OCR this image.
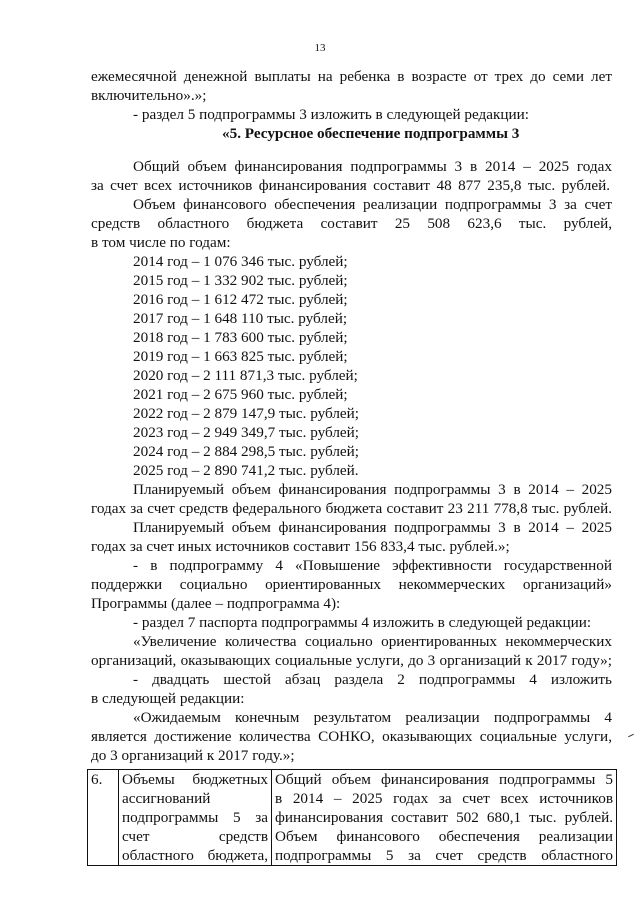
13
ежемесячной денежной выплаты на ребенка в возрасте от трех до семи лет
включительно».»;
- раздел 5 подпрограммы 3 изложить в следующей редакции:
«5. Ресурсное обеспечение подпрограммы 3
Общий объем финансирования подпрограммы 3 в 2014 – 2025 годах
за счет всех источников финансирования составит 48 877 235,8 тыс. рублей.
Объем финансового обеспечения реализации подпрограммы 3 за счет
средств областного бюджета составит 25 508 623,6 тыс. рублей,
в том числе по годам:
2014 год – 1 076 346 тыс. рублей;
2015 год – 1 332 902 тыс. рублей;
2016 год – 1 612 472 тыс. рублей;
2017 год – 1 648 110 тыс. рублей;
2018 год – 1 783 600 тыс. рублей;
2019 год – 1 663 825 тыс. рублей;
2020 год – 2 111 871,3 тыс. рублей;
2021 год – 2 675 960 тыс. рублей;
2022 год – 2 879 147,9 тыс. рублей;
2023 год – 2 949 349,7 тыс. рублей;
2024 год – 2 884 298,5 тыс. рублей;
2025 год – 2 890 741,2 тыс. рублей.
Планируемый объем финансирования подпрограммы 3 в 2014 – 2025
годах за счет средств федерального бюджета составит 23 211 778,8 тыс. рублей.
Планируемый объем финансирования подпрограммы 3 в 2014 – 2025
годах за счет иных источников составит 156 833,4 тыс. рублей.»;
- в подпрограмму 4 «Повышение эффективности государственной
поддержки социально ориентированных некоммерческих организаций»
Программы (далее – подпрограмма 4):
- раздел 7 паспорта подпрограммы 4 изложить в следующей редакции:
«Увеличение количества социально ориентированных некоммерческих
организаций, оказывающих социальные услуги, до 3 организаций к 2017 году»;
- двадцать шестой абзац раздела 2 подпрограммы 4 изложить
в следующей редакции:
«Ожидаемым конечным результатом реализации подпрограммы 4
является достижение количества СОНКО, оказывающих социальные услуги,
до 3 организаций к 2017 году.»;
6.	Объемы бюджетных
ассигнований
подпрограммы 5 за
счет средств
областного бюджета,

Общий объем финансирования подпрограммы 5
в 2014 – 2025 годах за счет всех источников
финансирования составит 502 680,1 тыс. рублей.
Объем финансового обеспечения реализации
подпрограммы 5 за счет средств областного
